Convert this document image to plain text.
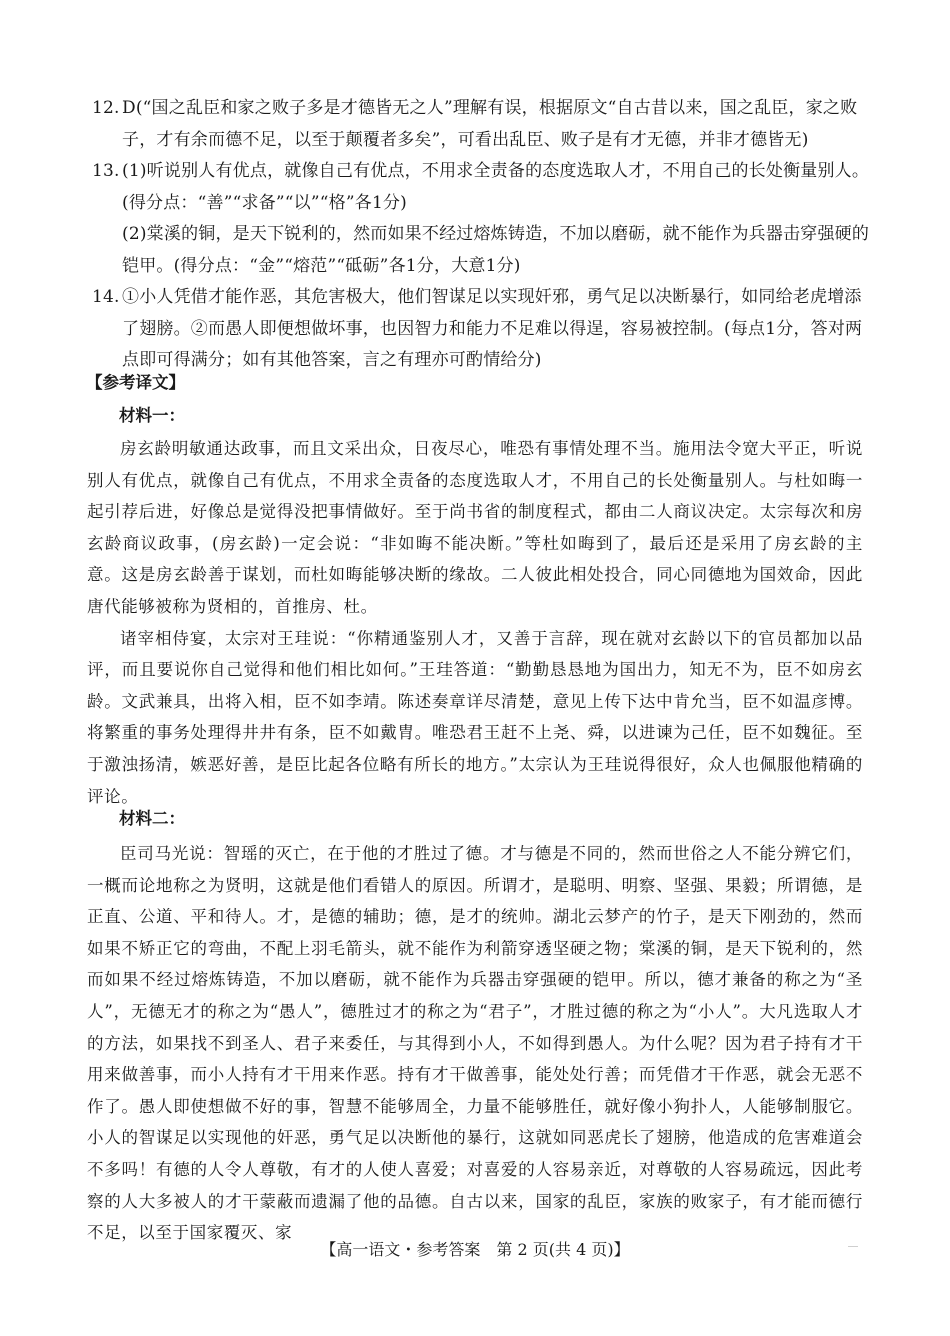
12. D(“国之乱臣和家之败子多是才德皆无之人”理解有误，根据原文“自古昔以来，国之乱臣，家之败子，才有余而德不足，以至于颠覆者多矣”，可看出乱臣、败子是有才无德，并非才德皆无)

13. (1)听说别人有优点，就像自己有优点，不用求全责备的态度选取人才，不用自己的长处衡量别人。(得分点：“善”“求备”“以”“格”各1分)

(2)棠溪的铜，是天下锐利的，然而如果不经过熔炼铸造，不加以磨砺，就不能作为兵器击穿强硬的铠甲。(得分点：“金”“熔范”“砥砺”各1分，大意1分)

14. ①小人凭借才能作恶，其危害极大，他们智谋足以实现奸邪，勇气足以决断暴行，如同给老虎增添了翅膀。②而愚人即便想做坏事，也因智力和能力不足难以得逞，容易被控制。(每点1分，答对两点即可得满分；如有其他答案，言之有理亦可酌情给分)

【参考译文】
材料一：

房玄龄明敏通达政事，而且文采出众，日夜尽心，唯恐有事情处理不当。施用法令宽大平正，听说别人有优点，就像自己有优点，不用求全责备的态度选取人才，不用自己的长处衡量别人。与杜如晦一起引荐后进，好像总是觉得没把事情做好。至于尚书省的制度程式，都由二人商议决定。太宗每次和房玄龄商议政事，(房玄龄)一定会说：“非如晦不能决断。”等杜如晦到了，最后还是采用了房玄龄的主意。这是房玄龄善于谋划，而杜如晦能够决断的缘故。二人彼此相处投合，同心同德地为国效命，因此唐代能够被称为贤相的，首推房、杜。

诸宰相侍宴，太宗对王珪说：“你精通鉴别人才，又善于言辞，现在就对玄龄以下的官员都加以品评，而且要说你自己觉得和他们相比如何。”王珪答道：“勤勤恳恳地为国出力，知无不为，臣不如房玄龄。文武兼具，出将入相，臣不如李靖。陈述奏章详尽清楚，意见上传下达中肯允当，臣不如温彦博。将繁重的事务处理得井井有条，臣不如戴胄。唯恐君王赶不上尧、舜，以进谏为己任，臣不如魏征。至于激浊扬清，嫉恶好善，是臣比起各位略有所长的地方。”太宗认为王珪说得很好，众人也佩服他精确的评论。

材料二：

臣司马光说：智瑶的灭亡，在于他的才胜过了德。才与德是不同的，然而世俗之人不能分辨它们，一概而论地称之为贤明，这就是他们看错人的原因。所谓才，是聪明、明察、坚强、果毅；所谓德，是正直、公道、平和待人。才，是德的辅助；德，是才的统帅。湖北云梦产的竹子，是天下刚劲的，然而如果不矫正它的弯曲，不配上羽毛箭头，就不能作为利箭穿透坚硬之物；棠溪的铜，是天下锐利的，然而如果不经过熔炼铸造，不加以磨砺，就不能作为兵器击穿强硬的铠甲。所以，德才兼备的称之为“圣人”，无德无才的称之为“愚人”，德胜过才的称之为“君子”，才胜过德的称之为“小人”。大凡选取人才的方法，如果找不到圣人、君子来委任，与其得到小人，不如得到愚人。为什么呢？因为君子持有才干用来做善事，而小人持有才干用来作恶。持有才干做善事，能处处行善；而凭借才干作恶，就会无恶不作了。愚人即使想做不好的事，智慧不能够周全，力量不能够胜任，就好像小狗扑人，人能够制服它。小人的智谋足以实现他的奸恶，勇气足以决断他的暴行，这就如同恶虎长了翅膀，他造成的危害难道会不多吗！有德的人令人尊敬，有才的人使人喜爱；对喜爱的人容易亲近，对尊敬的人容易疏远，因此考察的人大多被人的才干蒙蔽而遗漏了他的品德。自古以来，国家的乱臣，家族的败家子，有才能而德行不足，以至于国家覆灭、家

【高一语文・参考答案　第 2 页(共 4 页)】
